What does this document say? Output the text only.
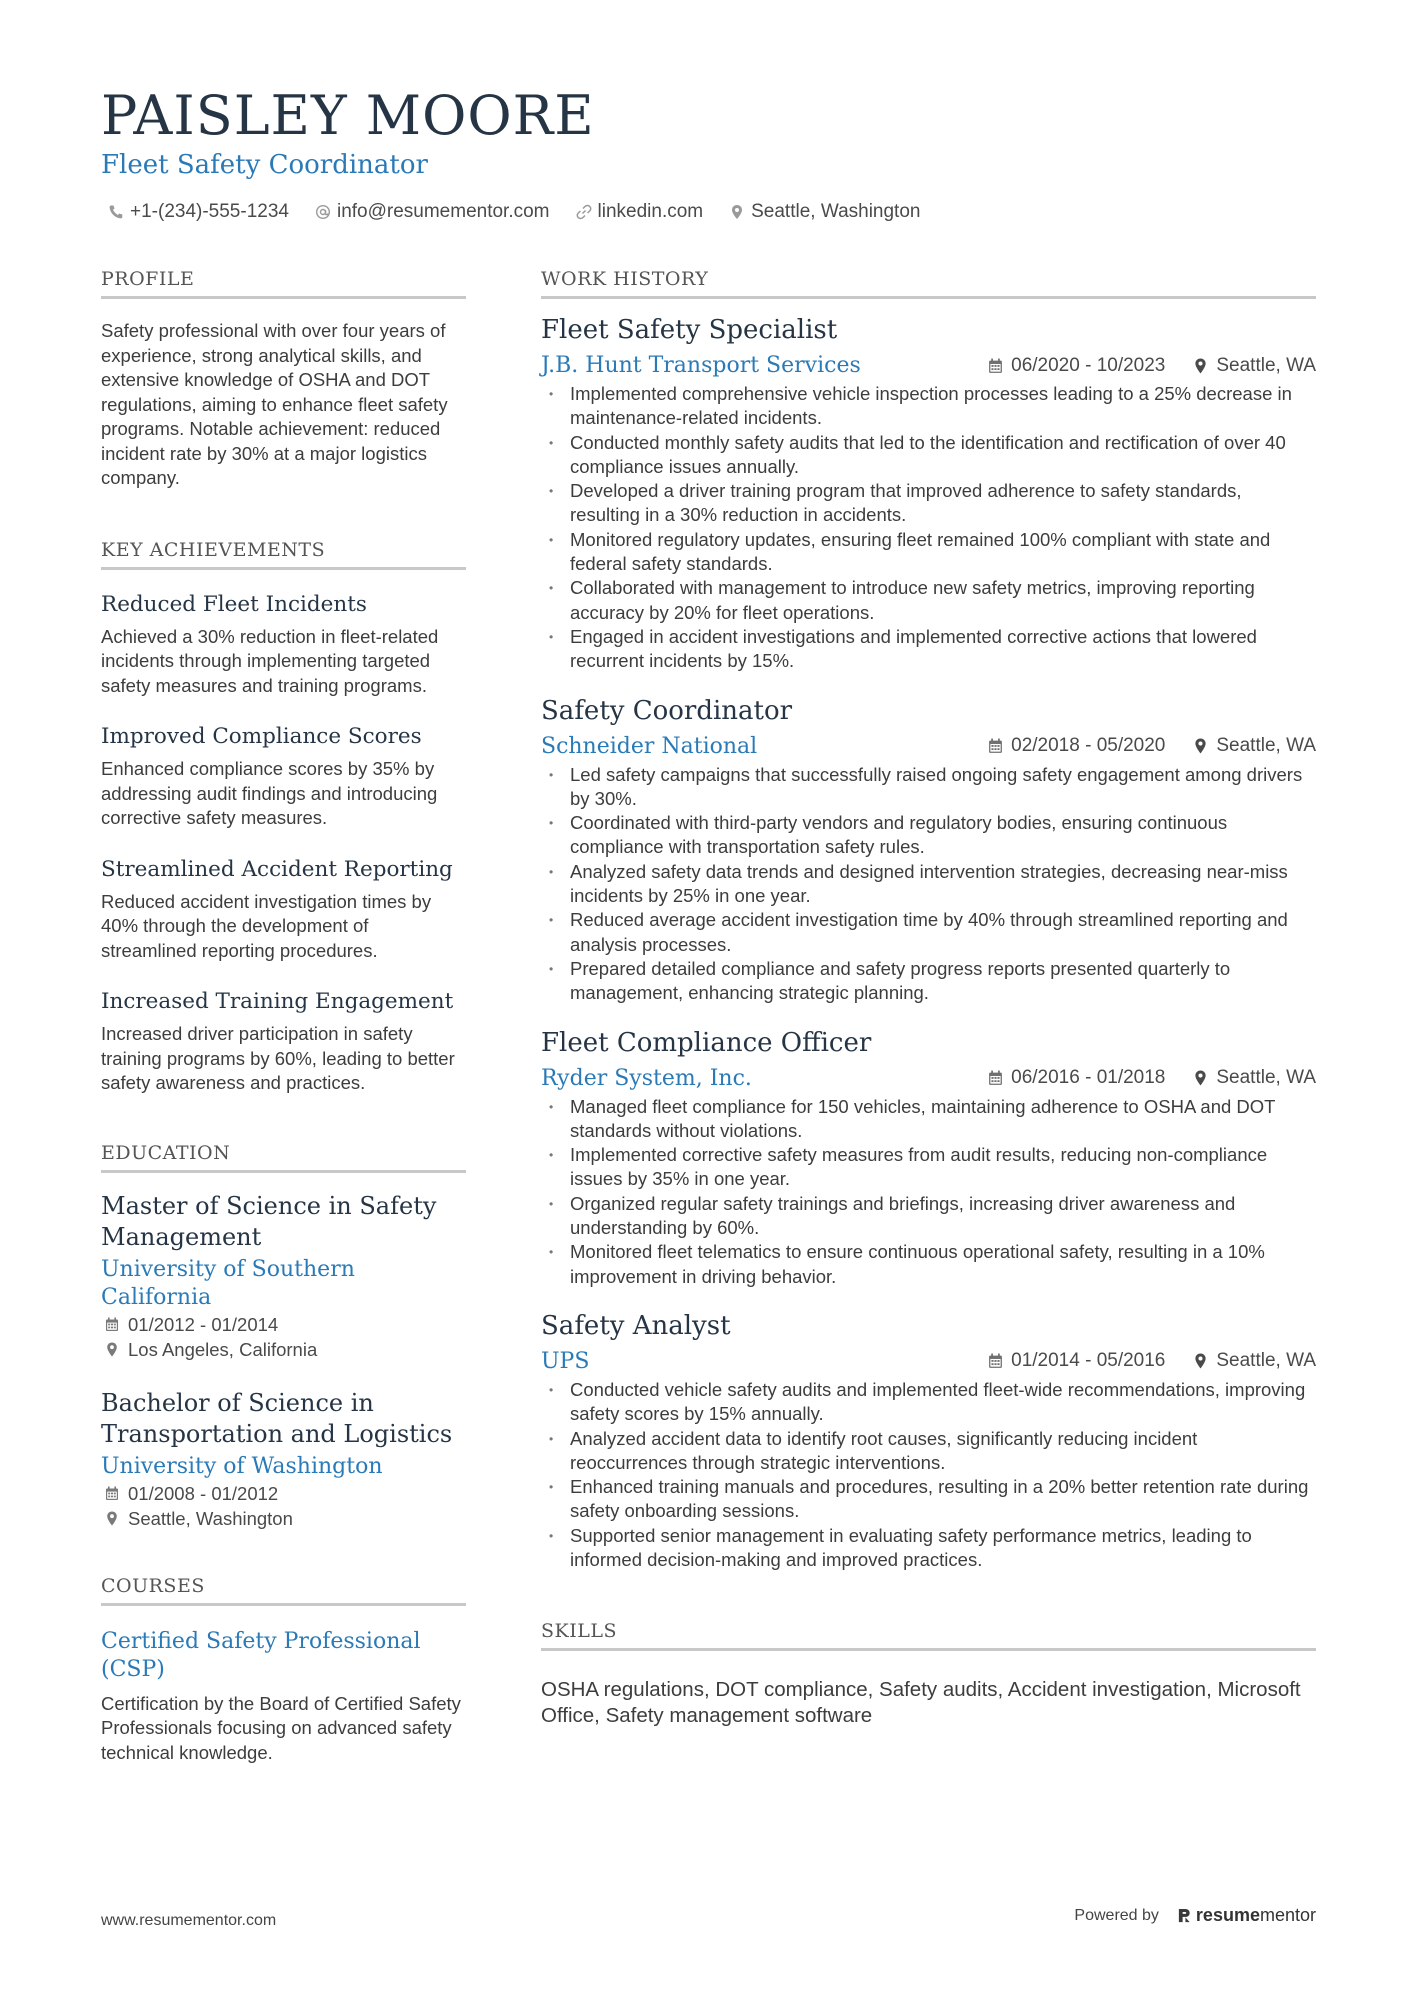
PAISLEY MOORE
Fleet Safety Coordinator
+1-(234)-555-1234	info@resumementor.com	linkedin.com	Seattle, Washington
PROFILE

Safety professional with over four years of experience, strong analytical skills, and extensive knowledge of OSHA and DOT regulations, aiming to enhance fleet safety programs. Notable achievement: reduced incident rate by 30% at a major logistics company.

KEY ACHIEVEMENTS
Reduced Fleet Incidents

Achieved a 30% reduction in fleet-related incidents through implementing targeted safety measures and training programs.

Improved Compliance Scores

Enhanced compliance scores by 35% by addressing audit findings and introducing corrective safety measures.

Streamlined Accident Reporting

Reduced accident investigation times by 40% through the development of streamlined reporting procedures.

Increased Training Engagement

Increased driver participation in safety training programs by 60%, leading to better safety awareness and practices.

EDUCATION
Master of Science in Safety Management
University of Southern California
01/2012 - 01/2014
Los Angeles, California
Bachelor of Science in Transportation and Logistics
University of Washington
01/2008 - 01/2012
Seattle, Washington
COURSES
Certified Safety Professional (CSP)

Certification by the Board of Certified Safety Professionals focusing on advanced safety technical knowledge.

WORK HISTORY
Fleet Safety Specialist
J.B. Hunt Transport Services	06/2020 - 10/2023	Seattle, WA
• Implemented comprehensive vehicle inspection processes leading to a 25% decrease in maintenance-related incidents.
• Conducted monthly safety audits that led to the identification and rectification of over 40 compliance issues annually.
• Developed a driver training program that improved adherence to safety standards, resulting in a 30% reduction in accidents.
• Monitored regulatory updates, ensuring fleet remained 100% compliant with state and federal safety standards.
• Collaborated with management to introduce new safety metrics, improving reporting accuracy by 20% for fleet operations.
• Engaged in accident investigations and implemented corrective actions that lowered recurrent incidents by 15%.
Safety Coordinator
Schneider National	02/2018 - 05/2020	Seattle, WA
• Led safety campaigns that successfully raised ongoing safety engagement among drivers by 30%.
• Coordinated with third-party vendors and regulatory bodies, ensuring continuous compliance with transportation safety rules.
• Analyzed safety data trends and designed intervention strategies, decreasing near-miss incidents by 25% in one year.
• Reduced average accident investigation time by 40% through streamlined reporting and analysis processes.
• Prepared detailed compliance and safety progress reports presented quarterly to management, enhancing strategic planning.
Fleet Compliance Officer
Ryder System, Inc.	06/2016 - 01/2018	Seattle, WA
• Managed fleet compliance for 150 vehicles, maintaining adherence to OSHA and DOT standards without violations.
• Implemented corrective safety measures from audit results, reducing non-compliance issues by 35% in one year.
• Organized regular safety trainings and briefings, increasing driver awareness and understanding by 60%.
• Monitored fleet telematics to ensure continuous operational safety, resulting in a 10% improvement in driving behavior.
Safety Analyst
UPS	01/2014 - 05/2016	Seattle, WA
• Conducted vehicle safety audits and implemented fleet-wide recommendations, improving safety scores by 15% annually.
• Analyzed accident data to identify root causes, significantly reducing incident reoccurrences through strategic interventions.
• Enhanced training manuals and procedures, resulting in a 20% better retention rate during safety onboarding sessions.
• Supported senior management in evaluating safety performance metrics, leading to informed decision-making and improved practices.
SKILLS

OSHA regulations, DOT compliance, Safety audits, Accident investigation, Microsoft Office, Safety management software

www.resumementor.com	Powered by resume mentor
